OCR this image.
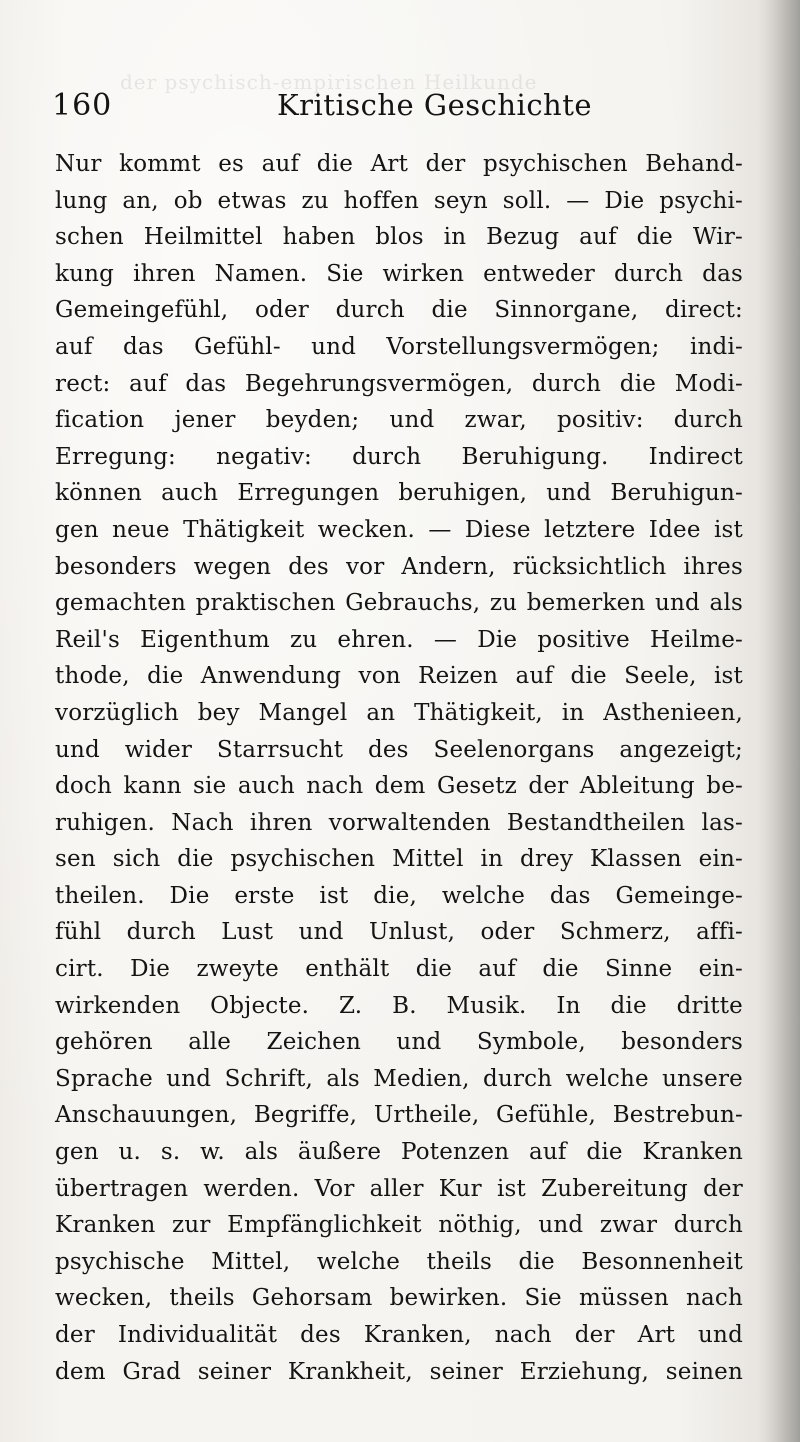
der psychisch-empirischen Heilkunde
160	Kritische Geschichte
Nur kommt es auf die Art der psychischen Behand-
lung an, ob etwas zu hoffen seyn soll. — Die psychi-
schen Heilmittel haben blos in Bezug auf die Wir-
kung ihren Namen. Sie wirken entweder durch das
Gemeingefühl, oder durch die Sinnorgane, direct:
auf das Gefühl- und Vorstellungsvermögen; indi-
rect: auf das Begehrungsvermögen, durch die Modi-
fication jener beyden; und zwar, positiv: durch
Erregung: negativ: durch Beruhigung. Indirect
können auch Erregungen beruhigen, und Beruhigun-
gen neue Thätigkeit wecken. — Diese letztere Idee ist
besonders wegen des vor Andern, rücksichtlich ihres
gemachten praktischen Gebrauchs, zu bemerken und als
Reil's Eigenthum zu ehren. — Die positive Heilme-
thode, die Anwendung von Reizen auf die Seele, ist
vorzüglich bey Mangel an Thätigkeit, in Asthenieen,
und wider Starrsucht des Seelenorgans angezeigt;
doch kann sie auch nach dem Gesetz der Ableitung be-
ruhigen. Nach ihren vorwaltenden Bestandtheilen las-
sen sich die psychischen Mittel in drey Klassen ein-
theilen. Die erste ist die, welche das Gemeinge-
fühl durch Lust und Unlust, oder Schmerz, affi-
cirt. Die zweyte enthält die auf die Sinne ein-
wirkenden Objecte. Z. B. Musik. In die dritte
gehören alle Zeichen und Symbole, besonders
Sprache und Schrift, als Medien, durch welche unsere
Anschauungen, Begriffe, Urtheile, Gefühle, Bestrebun-
gen u. s. w. als äußere Potenzen auf die Kranken
übertragen werden. Vor aller Kur ist Zubereitung der
Kranken zur Empfänglichkeit nöthig, und zwar durch
psychische Mittel, welche theils die Besonnenheit
wecken, theils Gehorsam bewirken. Sie müssen nach
der Individualität des Kranken, nach der Art und
dem Grad seiner Krankheit, seiner Erziehung, seinen
